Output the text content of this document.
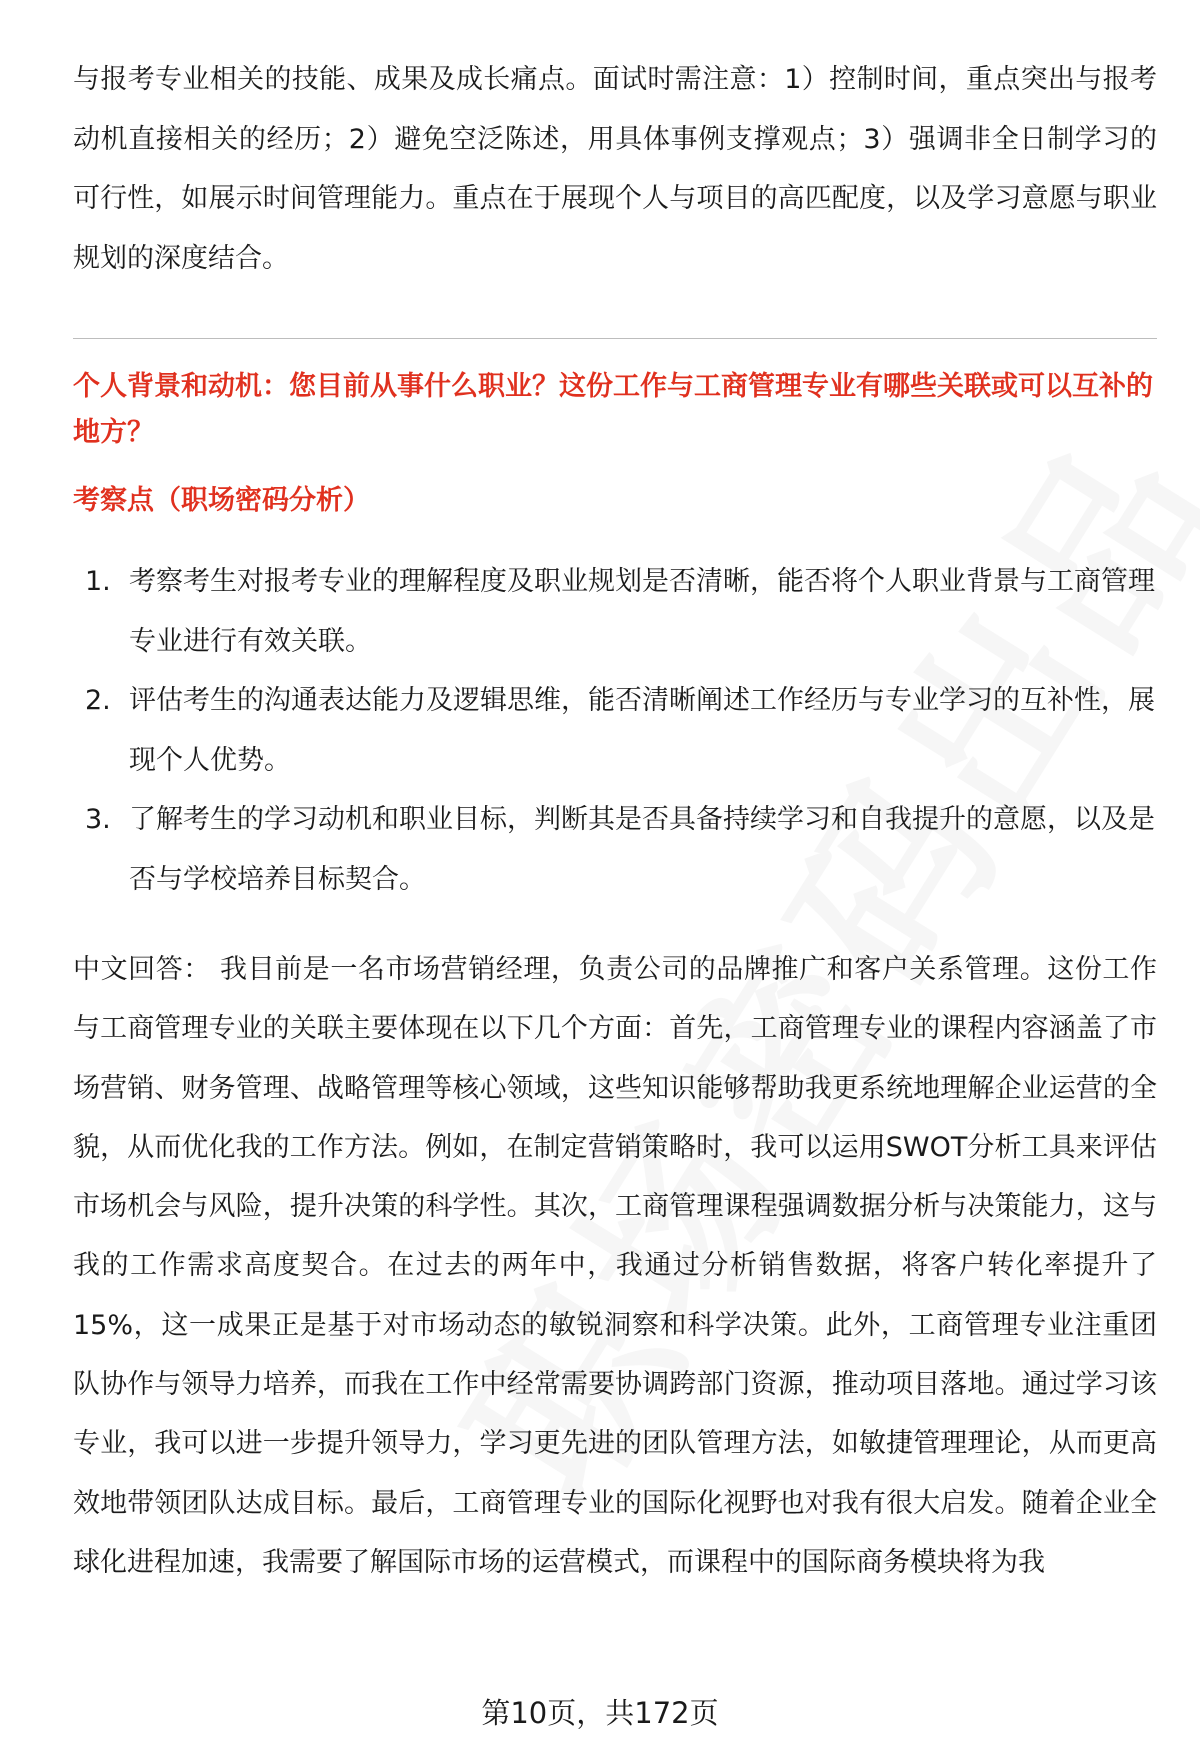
与报考专业相关的技能、成果及成长痛点。面试时需注意：1）控制时间，重点突出与报考动机直接相关的经历；2）避免空泛陈述，用具体事例支撑观点；3）强调非全日制学习的可行性，如展示时间管理能力。重点在于展现个人与项目的高匹配度，以及学习意愿与职业规划的深度结合。

个人背景和动机：您目前从事什么职业？这份工作与工商管理专业有哪些关联或可以互补的地方？
考察点（职场密码分析）
1. 考察考生对报考专业的理解程度及职业规划是否清晰，能否将个人职业背景与工商管理专业进行有效关联。
2. 评估考生的沟通表达能力及逻辑思维，能否清晰阐述工作经历与专业学习的互补性，展现个人优势。
3. 了解考生的学习动机和职业目标，判断其是否具备持续学习和自我提升的意愿，以及是否与学校培养目标契合。

中文回答： 我目前是一名市场营销经理，负责公司的品牌推广和客户关系管理。这份工作与工商管理专业的关联主要体现在以下几个方面：首先，工商管理专业的课程内容涵盖了市场营销、财务管理、战略管理等核心领域，这些知识能够帮助我更系统地理解企业运营的全貌，从而优化我的工作方法。例如，在制定营销策略时，我可以运用SWOT分析工具来评估市场机会与风险，提升决策的科学性。其次，工商管理课程强调数据分析与决策能力，这与我的工作需求高度契合。在过去的两年中，我通过分析销售数据，将客户转化率提升了15%，这一成果正是基于对市场动态的敏锐洞察和科学决策。此外，工商管理专业注重团队协作与领导力培养，而我在工作中经常需要协调跨部门资源，推动项目落地。通过学习该专业，我可以进一步提升领导力，学习更先进的团队管理方法，如敏捷管理理论，从而更高效地带领团队达成目标。最后，工商管理专业的国际化视野也对我有很大启发。随着企业全球化进程加速，我需要了解国际市场的运营模式，而课程中的国际商务模块将为我

第10页，共172页
